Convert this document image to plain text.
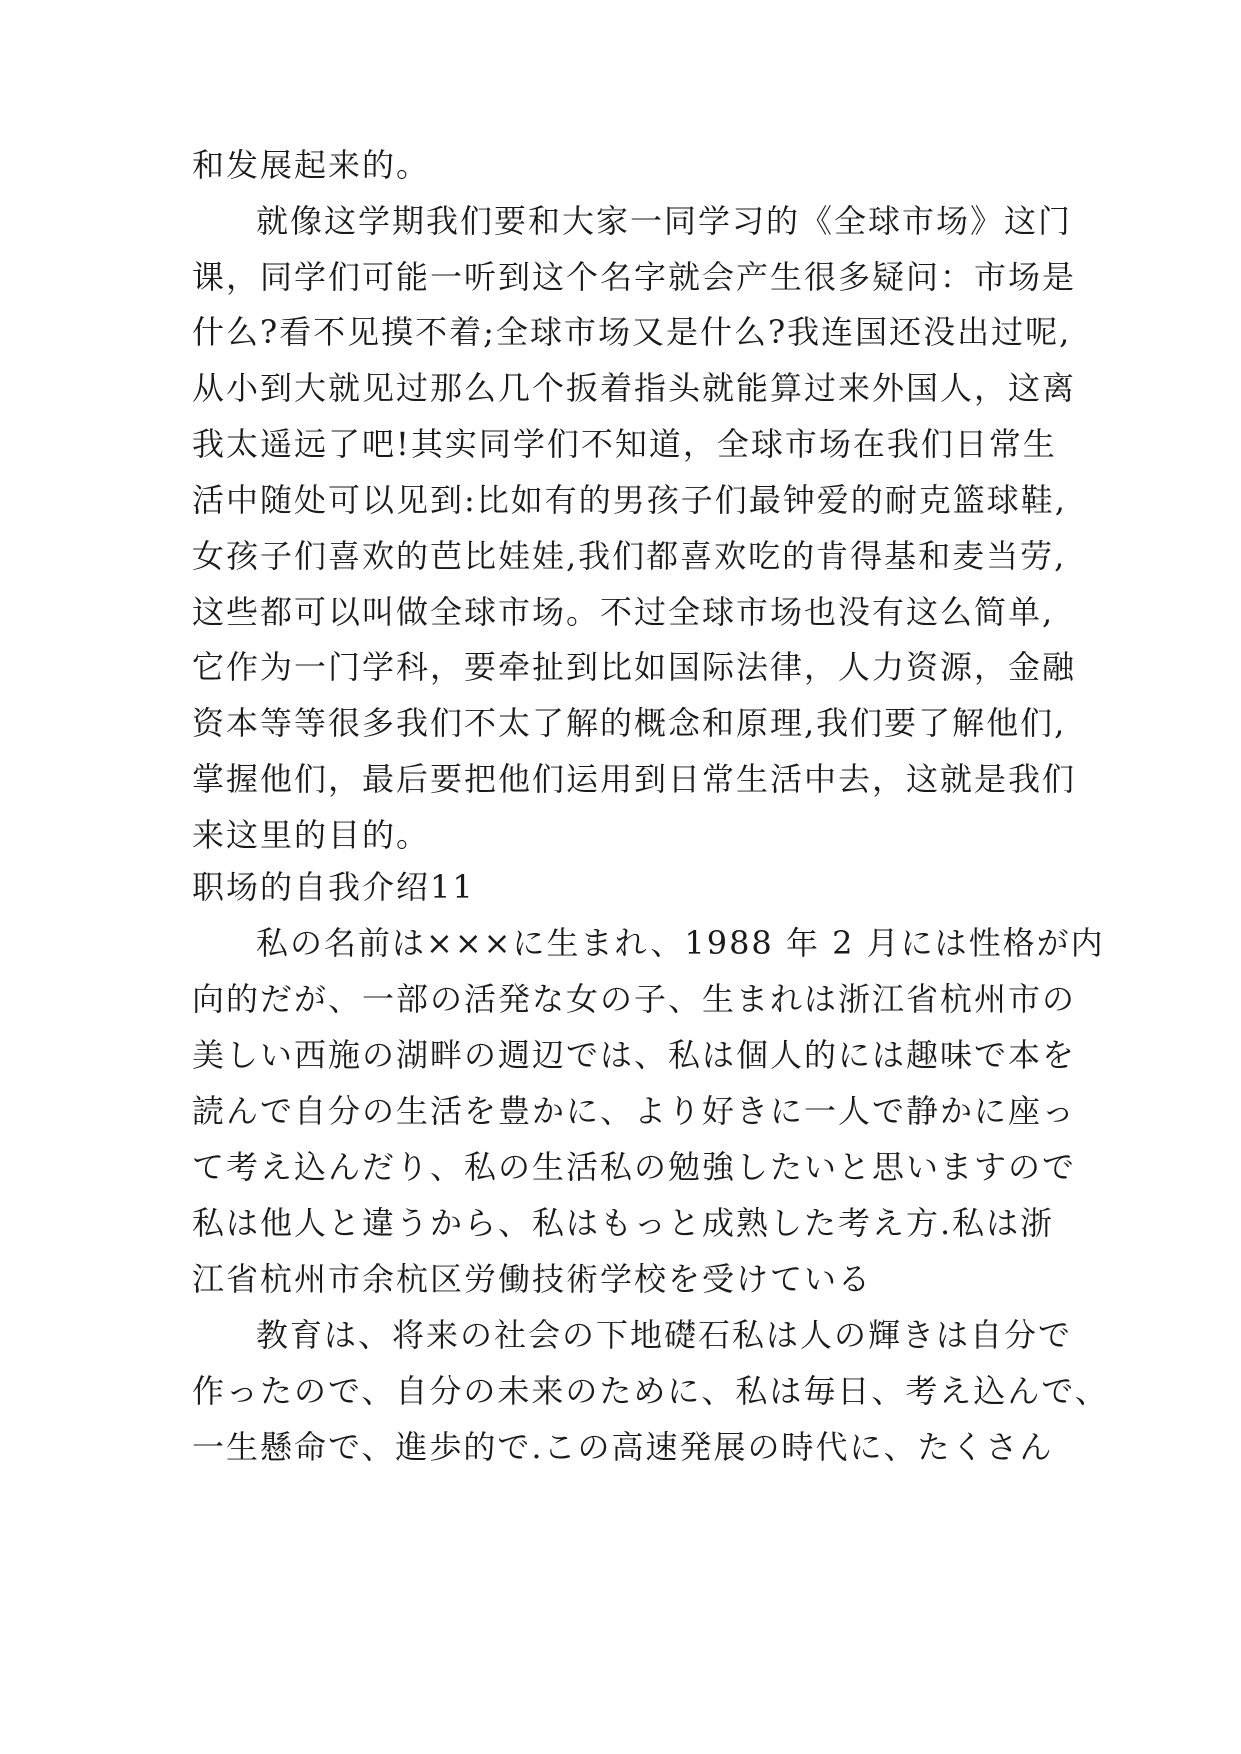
和发展起来的。
就像这学期我们要和大家一同学习的《全球市场》这门
课，同学们可能一听到这个名字就会产生很多疑问：市场是
什么?看不见摸不着;全球市场又是什么?我连国还没出过呢,
从小到大就见过那么几个扳着指头就能算过来外国人，这离
我太遥远了吧!其实同学们不知道，全球市场在我们日常生
活中随处可以见到:比如有的男孩子们最钟爱的耐克篮球鞋,
女孩子们喜欢的芭比娃娃,我们都喜欢吃的肯得基和麦当劳,
这些都可以叫做全球市场。不过全球市场也没有这么简单,
它作为一门学科，要牵扯到比如国际法律，人力资源，金融
资本等等很多我们不太了解的概念和原理,我们要了解他们,
掌握他们，最后要把他们运用到日常生活中去，这就是我们
来这里的目的。
职场的自我介绍11
私の名前は×××に生まれ、1988 年 2 月には性格が内
向的だが、一部の活発な女の子、生まれは浙江省杭州市の
美しい西施の湖畔の週辺では、私は個人的には趣味で本を
読んで自分の生活を豊かに、より好きに一人で静かに座っ
て考え込んだり、私の生活私の勉強したいと思いますので
私は他人と違うから、私はもっと成熟した考え方.私は浙
江省杭州市余杭区労働技術学校を受けている
教育は、将来の社会の下地礎石私は人の輝きは自分で
作ったので、自分の未来のために、私は毎日、考え込んで、
一生懸命で、進歩的で.この高速発展の時代に、たくさん
